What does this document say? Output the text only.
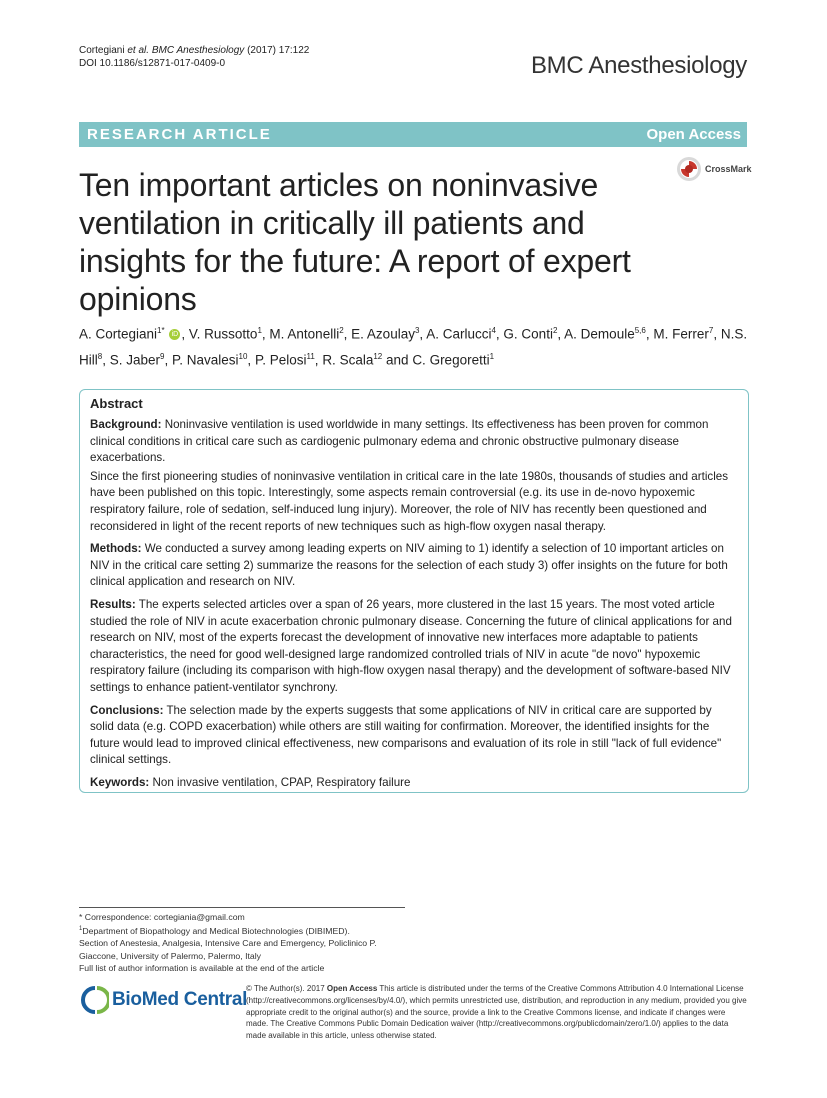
Cortegiani et al. BMC Anesthesiology (2017) 17:122
DOI 10.1186/s12871-017-0409-0	BMC Anesthesiology
RESEARCH ARTICLE	Open Access
CrossMark
Ten important articles on noninvasive ventilation in critically ill patients and insights for the future: A report of expert opinions
A. Cortegiani$^{1*}$ iD , V. Russotto$^1$, M. Antonelli$^2$, E. Azoulay$^3$, A. Carlucci$^4$, G. Conti$^2$, A. Demoule$^{5,6}$, M. Ferrer$^7$, N.S. Hill$^8$, S. Jaber$^9$, P. Navalesi$^{10}$, P. Pelosi$^{11}$, R. Scala$^{12}$ and C. Gregoretti$^1$
Abstract

Background: Noninvasive ventilation is used worldwide in many settings. Its effectiveness has been proven for common clinical conditions in critical care such as cardiogenic pulmonary edema and chronic obstructive pulmonary disease exacerbations.

Since the first pioneering studies of noninvasive ventilation in critical care in the late 1980s, thousands of studies and articles have been published on this topic. Interestingly, some aspects remain controversial (e.g. its use in de-novo hypoxemic respiratory failure, role of sedation, self-induced lung injury). Moreover, the role of NIV has recently been questioned and reconsidered in light of the recent reports of new techniques such as high-flow oxygen nasal therapy.

Methods: We conducted a survey among leading experts on NIV aiming to 1) identify a selection of 10 important articles on NIV in the critical care setting 2) summarize the reasons for the selection of each study 3) offer insights on the future for both clinical application and research on NIV.

Results: The experts selected articles over a span of 26 years, more clustered in the last 15 years. The most voted article studied the role of NIV in acute exacerbation chronic pulmonary disease. Concerning the future of clinical applications for and research on NIV, most of the experts forecast the development of innovative new interfaces more adaptable to patients characteristics, the need for good well-designed large randomized controlled trials of NIV in acute "de novo" hypoxemic respiratory failure (including its comparison with high-flow oxygen nasal therapy) and the development of software-based NIV settings to enhance patient-ventilator synchrony.

Conclusions: The selection made by the experts suggests that some applications of NIV in critical care are supported by solid data (e.g. COPD exacerbation) while others are still waiting for confirmation. Moreover, the identified insights for the future would lead to improved clinical effectiveness, new comparisons and evaluation of its role in still "lack of full evidence" clinical settings.

Keywords: Non invasive ventilation, CPAP, Respiratory failure

* Correspondence: cortegiania@gmail.com
$^1$Department of Biopathology and Medical Biotechnologies (DIBIMED).
Section of Anestesia, Analgesia, Intensive Care and Emergency, Policlinico P. Giaccone, University of Palermo, Palermo, Italy
Full list of author information is available at the end of the article
BioMed Central
© The Author(s). 2017 Open Access This article is distributed under the terms of the Creative Commons Attribution 4.0 International License (http://creativecommons.org/licenses/by/4.0/), which permits unrestricted use, distribution, and reproduction in any medium, provided you give appropriate credit to the original author(s) and the source, provide a link to the Creative Commons license, and indicate if changes were made. The Creative Commons Public Domain Dedication waiver (http://creativecommons.org/publicdomain/zero/1.0/) applies to the data made available in this article, unless otherwise stated.
